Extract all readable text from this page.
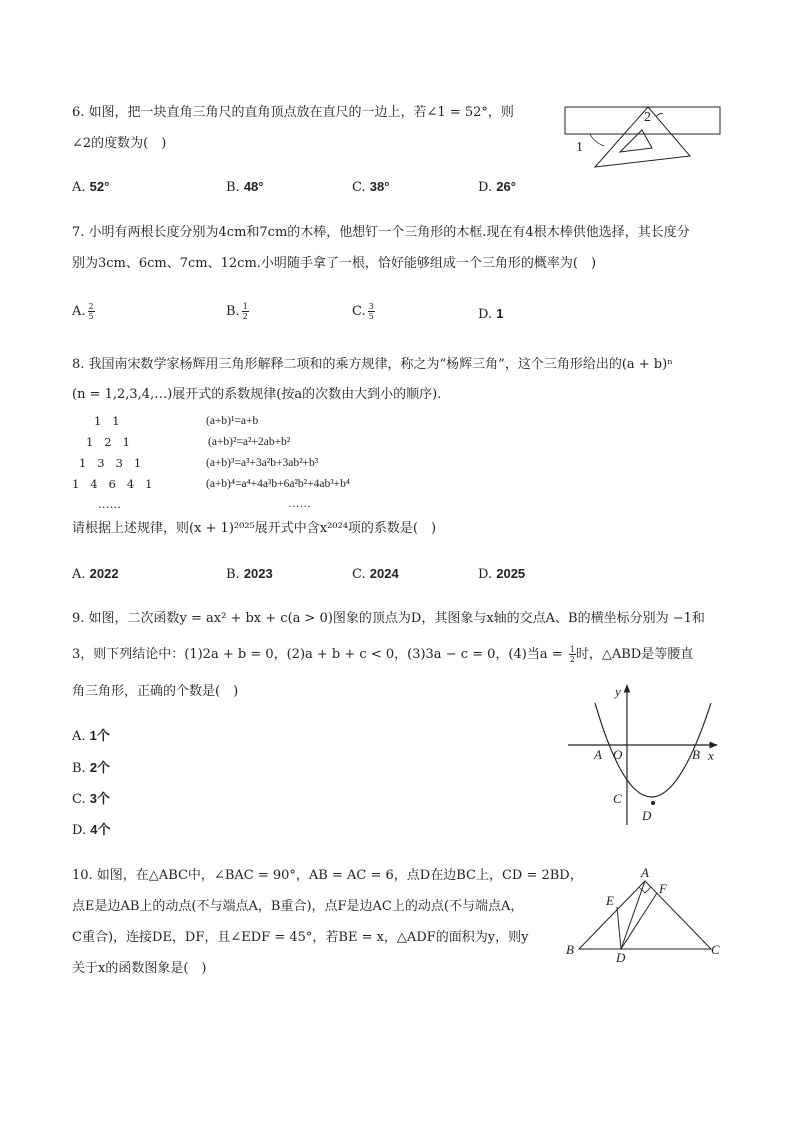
6. 如图，把一块直角三角尺的直角顶点放在直尺的一边上，若∠1 = 52°，则
∠2的度数为(　)
2
1
A. 52°	B. 48°	C. 38°	D. 26°
7. 小明有两根长度分别为4cm和7cm的木棒，他想钉一个三角形的木框.现在有4根木棒供他选择，其长度分
别为3cm、6cm、7cm、12cm.小明随手拿了一根，恰好能够组成一个三角形的概率为(　)
A. $\frac{2}{5}$	B. $\frac{1}{2}$	C. $\frac{3}{5}$	D. 1
8. 我国南宋数学家杨辉用三角形解释二项和的乘方规律，称之为“杨辉三角”，这个三角形给出的(a + b)ⁿ
(n = 1,2,3,4,…)展开式的系数规律(按a的次数由大到小的顺序).
1   1
1   2   1
1   3   3   1
1   4   6   4   1
……
(a+b)¹=a+b
(a+b)²=a²+2ab+b²
(a+b)³=a³+3a²b+3ab²+b³
(a+b)⁴=a⁴+4a³b+6a²b²+4ab³+b⁴
……
请根据上述规律，则(x + 1)²⁰²⁵展开式中含x²⁰²⁴项的系数是(　)
A. 2022	B. 2023	C. 2024	D. 2025
9. 如图，二次函数y = ax² + bx + c(a > 0)图象的顶点为D，其图象与x轴的交点A、B的横坐标分别为 −1和
3，则下列结论中：(1)2a + b = 0，(2)a + b + c < 0，(3)3a − c = 0，(4)当$a = \frac{1}{2}$ 时，△ABD是等腰直
角三角形，正确的个数是(　)
A. 1个
B. 2个
C. 3个
D. 4个
y
x
A O	B
C
D
10. 如图，在△ABC中，∠BAC = 90°，AB = AC = 6，点D在边BC上，CD = 2BD，
点E是边AB上的动点(不与端点A，B重合)，点F是边AC上的动点(不与端点A，
C重合)，连接DE，DF，且∠EDF = 45°，若BE = x，△ADF的面积为y，则y
关于x的函数图象是(　)
A
B	C
D
E
F
